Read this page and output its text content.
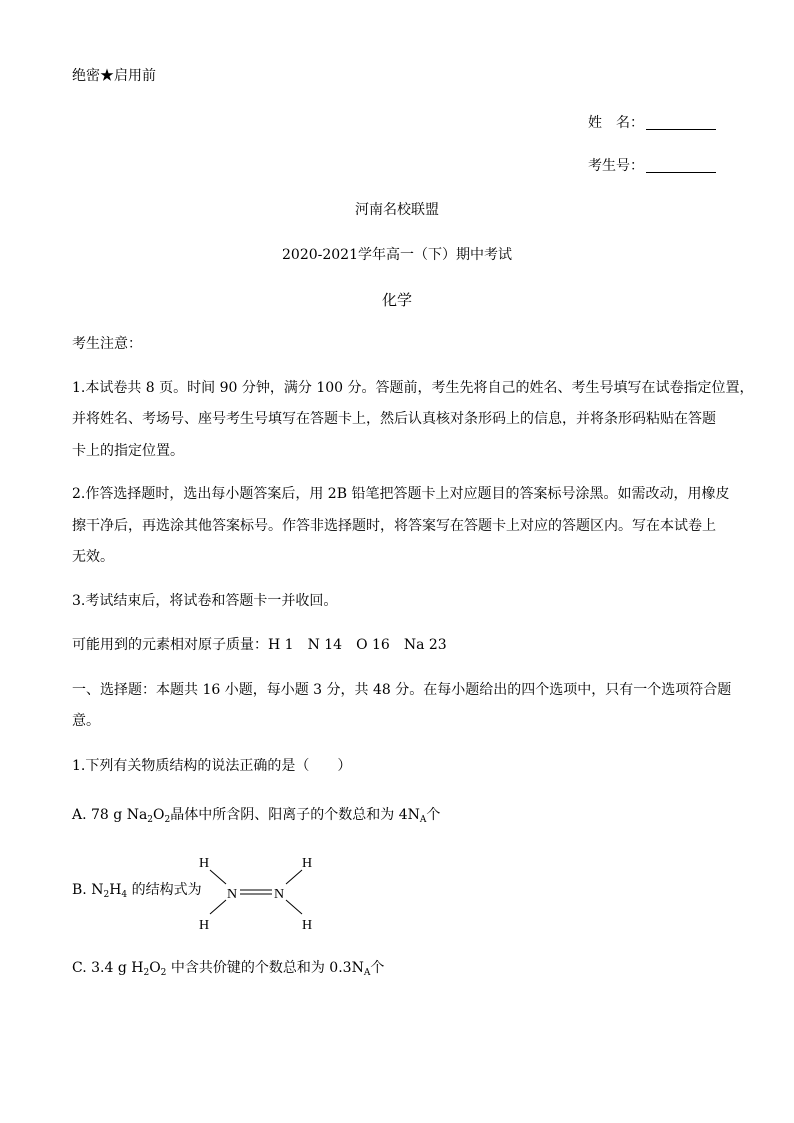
绝密★启用前
姓　名：
考生号：
河南名校联盟
2020-2021学年高一（下）期中考试
化学
考生注意：
1.本试卷共 8 页。时间 90 分钟，满分 100 分。答题前，考生先将自己的姓名、考生号填写在试卷指定位置，
并将姓名、考场号、座号考生号填写在答题卡上，然后认真核对条形码上的信息，并将条形码粘贴在答题
卡上的指定位置。
2.作答选择题时，选出每小题答案后，用 2B 铅笔把答题卡上对应题目的答案标号涂黑。如需改动，用橡皮
擦干净后，再选涂其他答案标号。作答非选择题时，将答案写在答题卡上对应的答题区内。写在本试卷上
无效。
3.考试结束后，将试卷和答题卡一并收回。
可能用到的元素相对原子质量：H 1　N 14　O 16　Na 23
一、选择题：本题共 16 小题，每小题 3 分，共 48 分。在每小题给出的四个选项中，只有一个选项符合题
意。
1.下列有关物质结构的说法正确的是（　　）
A. 78 g $Na_2O_2$晶体中所含阴、阳离子的个数总和为 $4N_A$个
B. $N_2H_4$ 的结构式为
H	H
H	H
N	N
C. 3.4 g $H_2O_2$ 中含共价键的个数总和为 $0.3N_A$个
